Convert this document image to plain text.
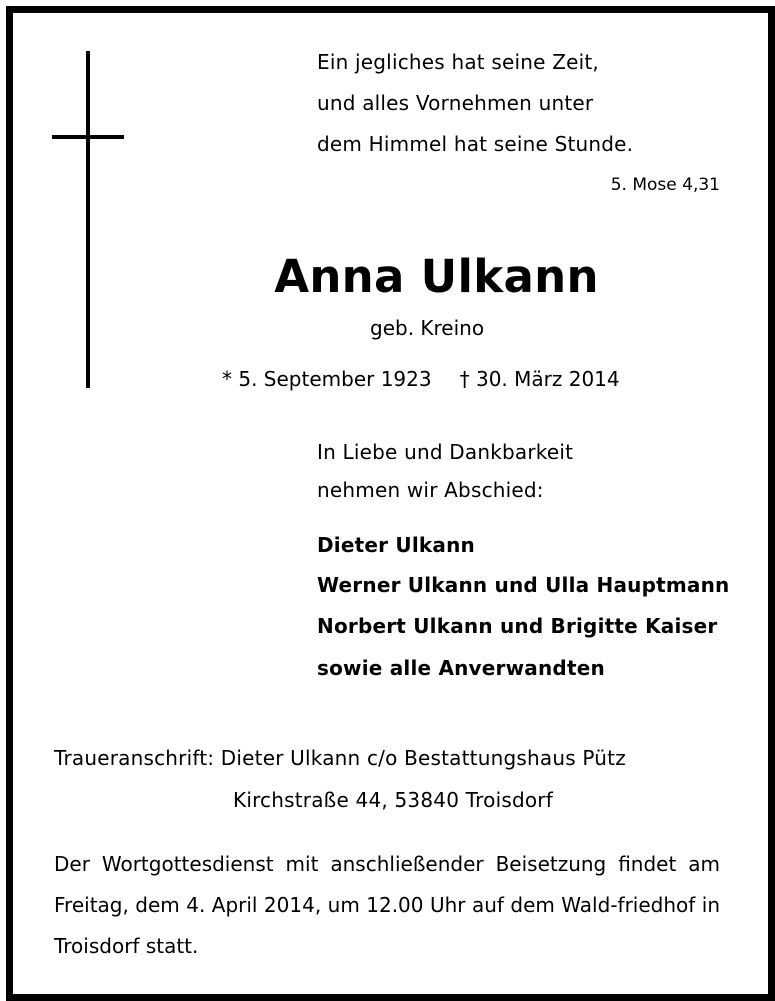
Ein jegliches hat seine Zeit,
und alles Vornehmen unter
dem Himmel hat seine Stunde.
5. Mose 4,31
Anna Ulkann
geb. Kreino
* 5. September 1923 † 30. März 2014
In Liebe und Dankbarkeit
nehmen wir Abschied:
Dieter Ulkann
Werner Ulkann und Ulla Hauptmann
Norbert Ulkann und Brigitte Kaiser
sowie alle Anverwandten
Traueranschrift: Dieter Ulkann c/o Bestattungshaus Pütz
Kirchstraße 44, 53840 Troisdorf
Der Wortgottesdienst mit anschließender Beisetzung findet am Freitag, dem 4. April 2014, um 12.00 Uhr auf dem Wald-friedhof in Troisdorf statt.
